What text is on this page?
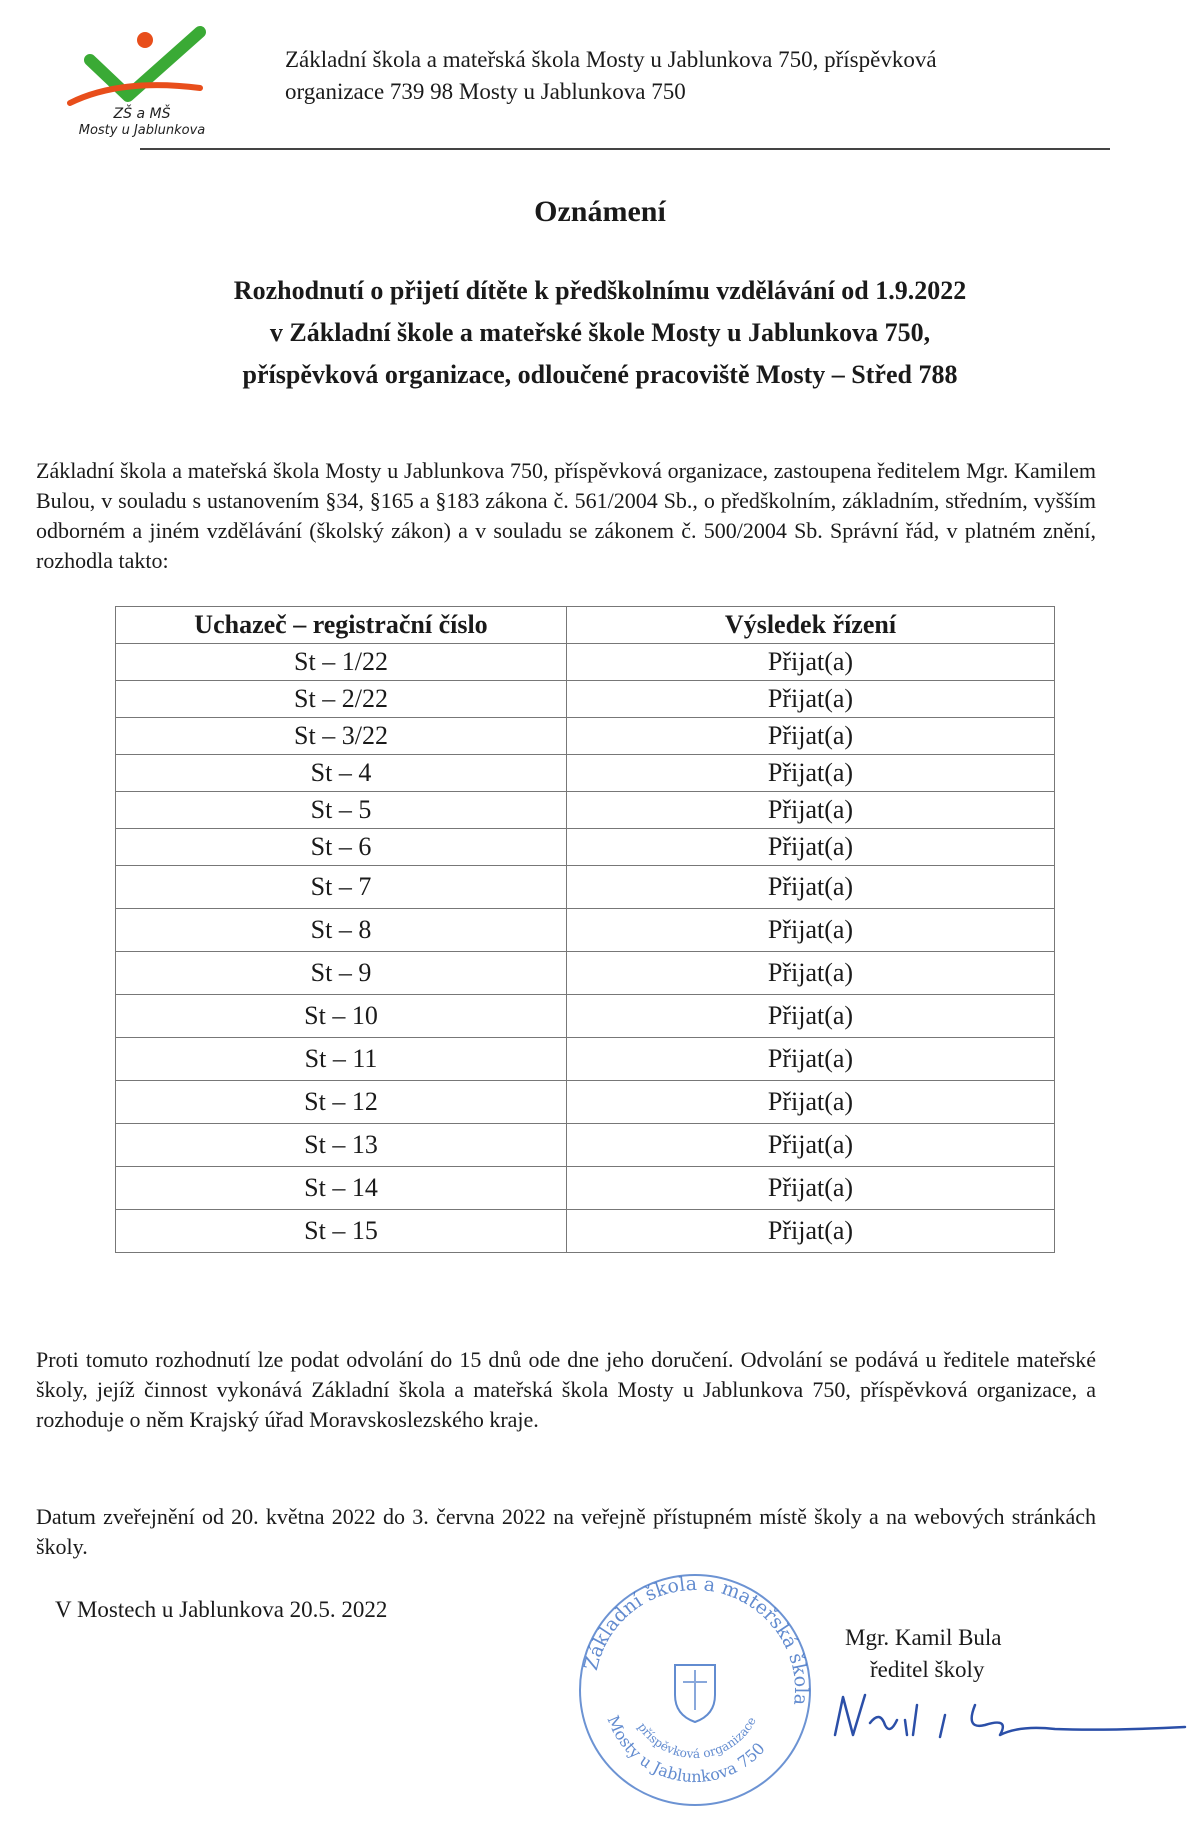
ZŠ a MŠ
Mosty u Jablunkova
Základní škola a mateřská škola Mosty u Jablunkova 750, příspěvková
organizace 739 98 Mosty u Jablunkova 750
Oznámení
Rozhodnutí o přijetí dítěte k předškolnímu vzdělávání od 1.9.2022
v Základní škole a mateřské škole Mosty u Jablunkova 750,
příspěvková organizace, odloučené pracoviště Mosty – Střed 788
Základní škola a mateřská škola Mosty u Jablunkova 750, příspěvková organizace, zastoupena ředitelem Mgr. Kamilem Bulou, v souladu s ustanovením §34, §165 a §183 zákona č. 561/2004 Sb., o předškolním, základním, středním, vyšším odborném a jiném vzdělávání (školský zákon) a v souladu se zákonem č. 500/2004 Sb. Správní řád, v platném znění, rozhodla takto:
Uchazeč – registrační číslo	Výsledek řízení
St – 1/22	Přijat(a)
St – 2/22	Přijat(a)
St – 3/22	Přijat(a)
St – 4	Přijat(a)
St – 5	Přijat(a)
St – 6	Přijat(a)
St – 7	Přijat(a)
St – 8	Přijat(a)
St – 9	Přijat(a)
St – 10	Přijat(a)
St – 11	Přijat(a)
St – 12	Přijat(a)
St – 13	Přijat(a)
St – 14	Přijat(a)
St – 15	Přijat(a)
Proti tomuto rozhodnutí lze podat odvolání do 15 dnů ode dne jeho doručení. Odvolání se podává u ředitele mateřské školy, jejíž činnost vykonává Základní škola a mateřská škola Mosty u Jablunkova 750, příspěvková organizace, a rozhoduje o něm Krajský úřad Moravskoslezského kraje.
Datum zveřejnění od 20. května 2022 do 3. června 2022 na veřejně přístupném místě školy a na webových stránkách školy.
V Mostech u Jablunkova 20.5. 2022
Mgr. Kamil Bula
ředitel školy
Základní škola a mateřská škola
příspěvková organizace
Mosty u Jablunkova 750
